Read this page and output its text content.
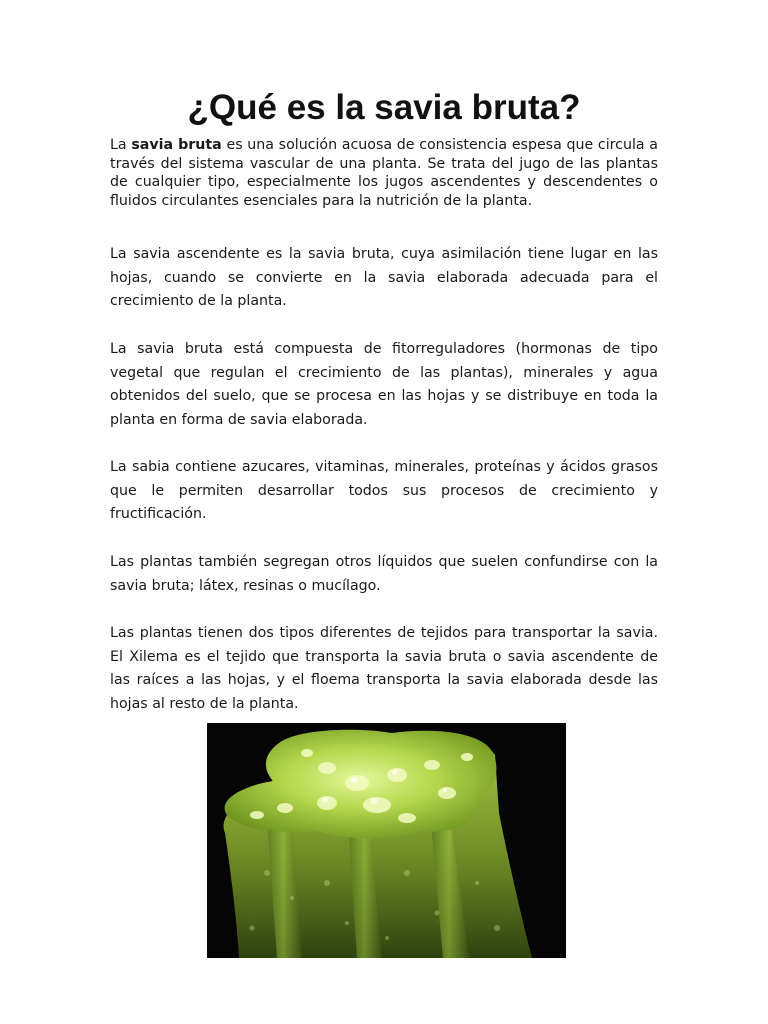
¿Qué es la savia bruta?

La savia bruta es una solución acuosa de consistencia espesa que circula a través del sistema vascular de una planta. Se trata del jugo de las plantas de cualquier tipo, especialmente los jugos ascendentes y descendentes o fluidos circulantes esenciales para la nutrición de la planta.

La savia ascendente es la savia bruta, cuya asimilación tiene lugar en las hojas, cuando se convierte en la savia elaborada adecuada para el crecimiento de la planta.

La savia bruta está compuesta de fitorreguladores (hormonas de tipo vegetal que regulan el crecimiento de las plantas), minerales y agua obtenidos del suelo, que se procesa en las hojas y se distribuye en toda la planta en forma de savia elaborada.

La sabia contiene azucares, vitaminas, minerales, proteínas y ácidos grasos que le permiten desarrollar todos sus procesos de crecimiento y fructificación.

Las plantas también segregan otros líquidos que suelen confundirse con la savia bruta; látex, resinas o mucílago.

Las plantas tienen dos tipos diferentes de tejidos para transportar la savia. El Xilema es el tejido que transporta la savia bruta o savia ascendente de las raíces a las hojas, y el floema transporta la savia elaborada desde las hojas al resto de la planta.
